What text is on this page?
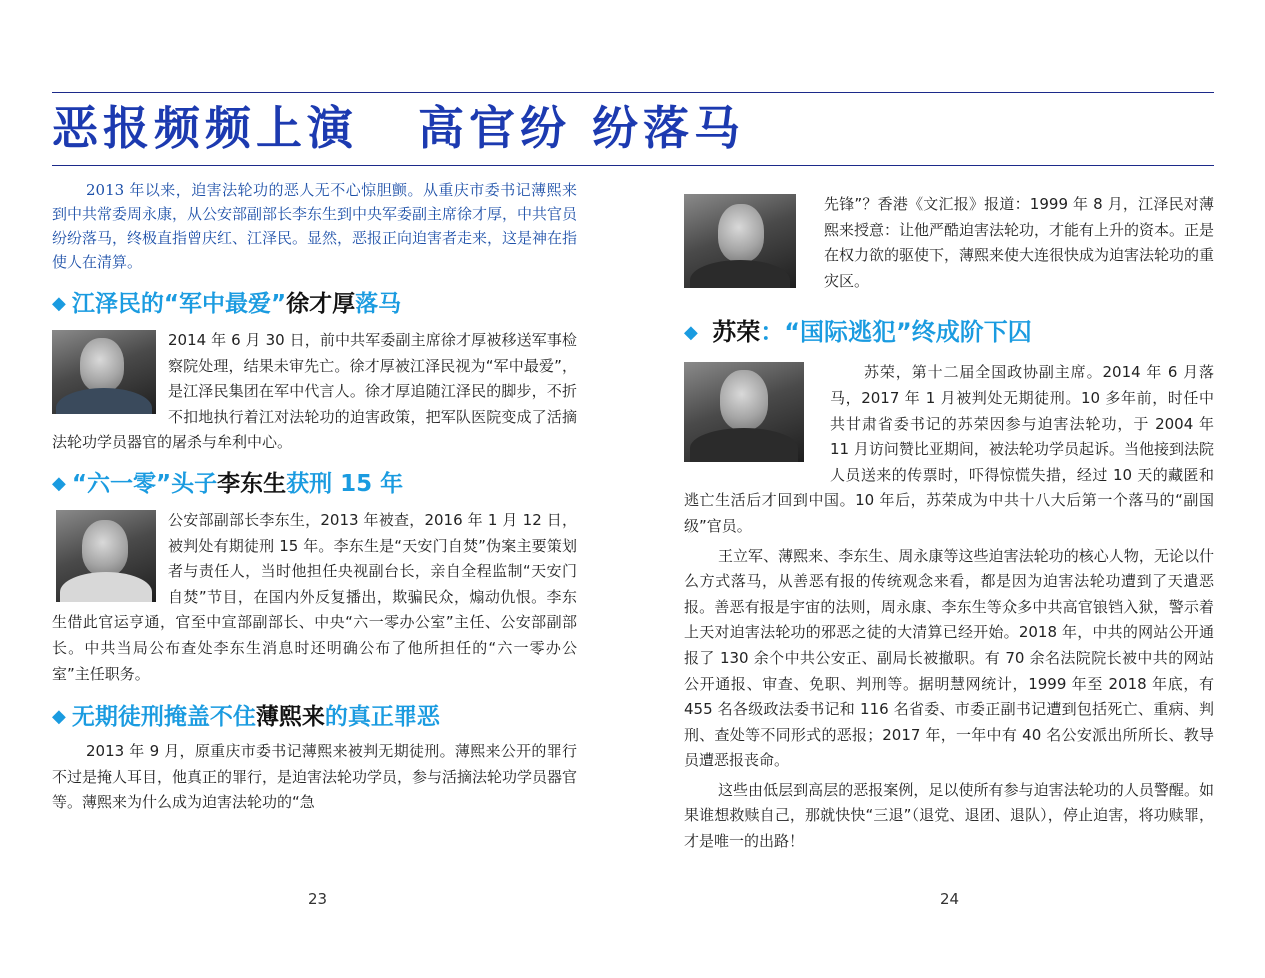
恶报频频上演 高官纷 纷落马

2013 年以来，迫害法轮功的恶人无不心惊胆颤。从重庆市委书记薄熙来到中共常委周永康，从公安部副部长李东生到中央军委副主席徐才厚，中共官员纷纷落马，终极直指曾庆红、江泽民。显然，恶报正向迫害者走来，这是神在指使人在清算。

◆ 江泽民的“军中最爱”徐才厚落马

2014 年 6 月 30 日，前中共军委副主席徐才厚被移送军事检察院处理，结果未审先亡。徐才厚被江泽民视为“军中最爱”，是江泽民集团在军中代言人。徐才厚追随江泽民的脚步，不折不扣地执行着江对法轮功的迫害政策，把军队医院变成了活摘法轮功学员器官的屠杀与牟利中心。

◆ “六一零”头子李东生获刑 15 年

公安部副部长李东生，2013 年被查，2016 年 1 月 12 日，被判处有期徒刑 15 年。李东生是“天安门自焚”伪案主要策划者与责任人，当时他担任央视副台长，亲自全程监制“天安门自焚”节目，在国内外反复播出，欺骗民众，煽动仇恨。李东生借此官运亨通，官至中宣部副部长、中央“六一零办公室”主任、公安部副部长。中共当局公布查处李东生消息时还明确公布了他所担任的“六一零办公室”主任职务。

◆ 无期徒刑掩盖不住薄熙来的真正罪恶

2013 年 9 月，原重庆市委书记薄熙来被判无期徒刑。薄熙来公开的罪行不过是掩人耳目，他真正的罪行，是迫害法轮功学员，参与活摘法轮功学员器官等。薄熙来为什么成为迫害法轮功的“急

先锋”？香港《文汇报》报道：1999 年 8 月，江泽民对薄熙来授意：让他严酷迫害法轮功，才能有上升的资本。正是在权力欲的驱使下，薄熙来使大连很快成为迫害法轮功的重灾区。

◆ 苏荣：“国际逃犯”终成阶下囚

苏荣，第十二届全国政协副主席。2014 年 6 月落马，2017 年 1 月被判处无期徒刑。10 多年前，时任中共甘肃省委书记的苏荣因参与迫害法轮功，于 2004 年 11 月访问赞比亚期间，被法轮功学员起诉。当他接到法院人员送来的传票时，吓得惊慌失措，经过 10 天的藏匿和逃亡生活后才回到中国。10 年后，苏荣成为中共十八大后第一个落马的“副国级”官员。

王立军、薄熙来、李东生、周永康等这些迫害法轮功的核心人物，无论以什么方式落马，从善恶有报的传统观念来看，都是因为迫害法轮功遭到了天遣恶报。善恶有报是宇宙的法则，周永康、李东生等众多中共高官锒铛入狱，警示着上天对迫害法轮功的邪恶之徒的大清算已经开始。2018 年，中共的网站公开通报了 130 余个中共公安正、副局长被撤职。有 70 余名法院院长被中共的网站公开通报、审查、免职、判刑等。据明慧网统计，1999 年至 2018 年底，有 455 名各级政法委书记和 116 名省委、市委正副书记遭到包括死亡、重病、判刑、查处等不同形式的恶报；2017 年，一年中有 40 名公安派出所所长、教导员遭恶报丧命。

这些由低层到高层的恶报案例，足以使所有参与迫害法轮功的人员警醒。如果谁想救赎自己，那就快快“三退”（退党、退团、退队），停止迫害，将功赎罪，才是唯一的出路！

23	24
